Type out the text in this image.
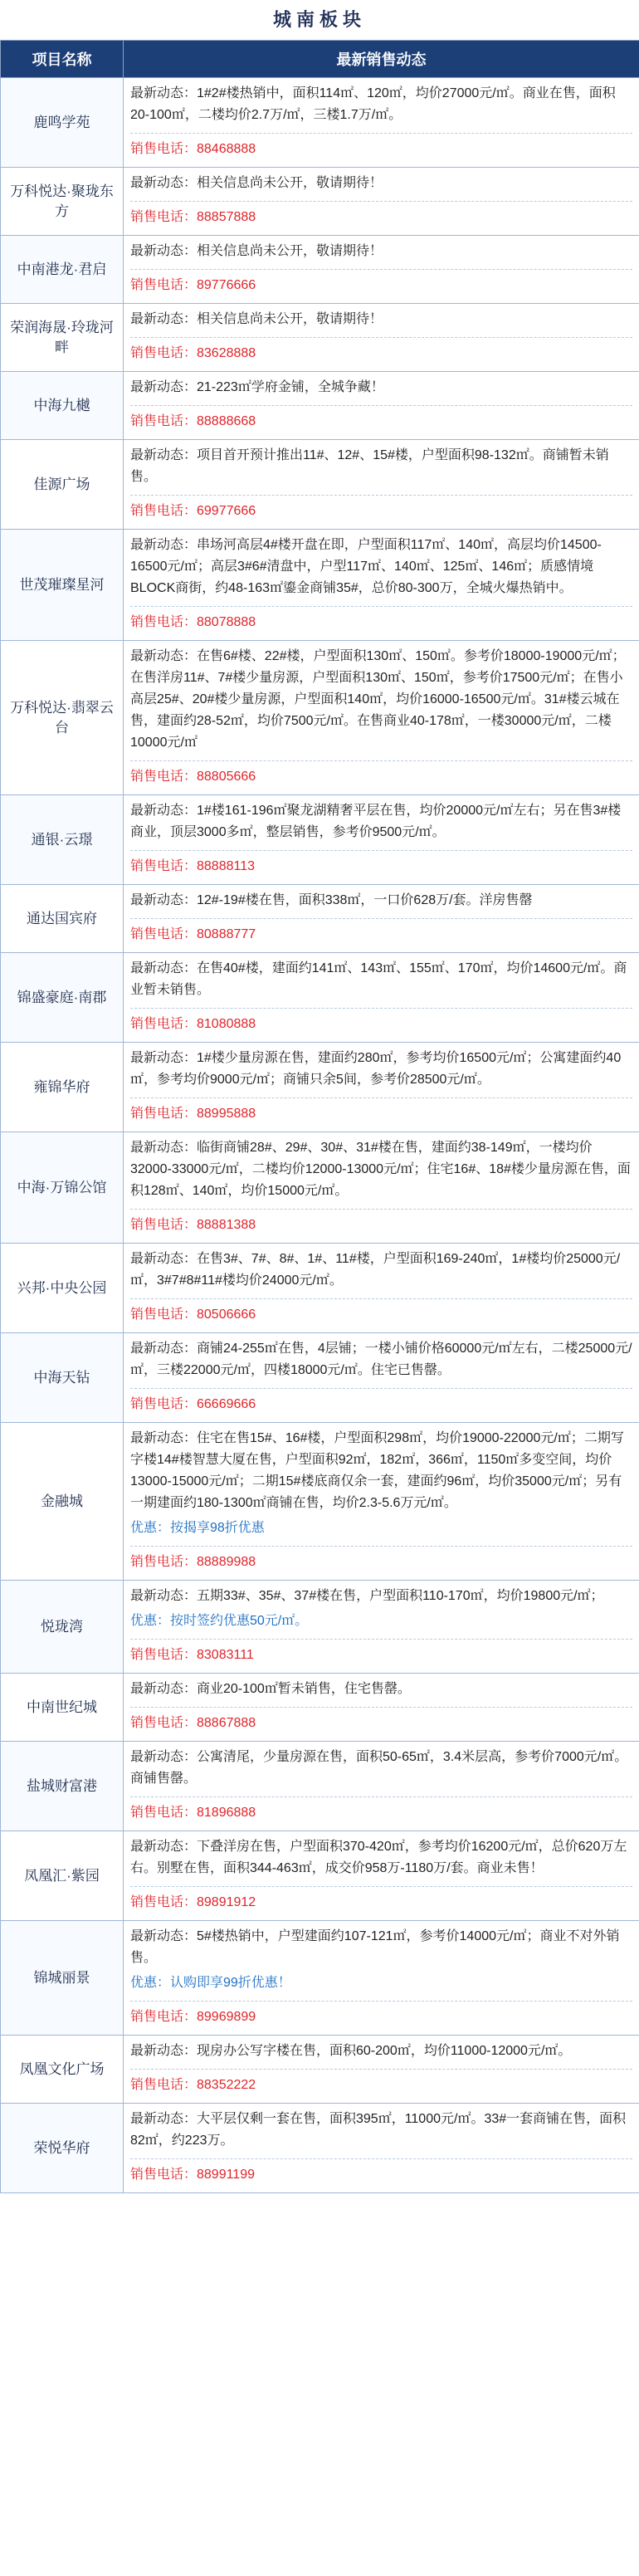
城南板块
项目名称	最新销售动态
鹿鸣学苑	最新动态：1#2#楼热销中，面积114㎡、120㎡，均价27000元/㎡。商业在售，面积20-100㎡，二楼均价2.7万/㎡，三楼1.7万/㎡。

销售电话：88468888

万科悦达·聚珑东方	最新动态：相关信息尚未公开，敬请期待！

销售电话：88857888

中南港龙·君启	最新动态：相关信息尚未公开，敬请期待！

销售电话：89776666

荣润海晟·玲珑河畔	最新动态：相关信息尚未公开，敬请期待！

销售电话：83628888

中海九樾	最新动态：21-223㎡学府金铺，全城争藏！

销售电话：88888668

佳源广场	最新动态：项目首开预计推出11#、12#、15#楼，户型面积98-132㎡。商铺暂未销售。

销售电话：69977666

世茂璀璨星河	最新动态：串场河高层4#楼开盘在即，户型面积117㎡、140㎡，高层均价14500-16500元/㎡；高层3#6#清盘中，户型117㎡、140㎡、125㎡、146㎡；质感情境BLOCK商街，约48-163㎡鎏金商铺35#，总价80-300万，全城火爆热销中。

销售电话：88078888

万科悦达·翡翠云台	最新动态：在售6#楼、22#楼，户型面积130㎡、150㎡。参考价18000-19000元/㎡；在售洋房11#、7#楼少量房源，户型面积130㎡、150㎡，参考价17500元/㎡；在售小高层25#、20#楼少量房源，户型面积140㎡，均价16000-16500元/㎡。31#楼云城在售，建面约28-52㎡，均价7500元/㎡。在售商业40-178㎡，一楼30000元/㎡，二楼10000元/㎡

销售电话：88805666

通银·云璟	最新动态：1#楼161-196㎡聚龙湖精奢平层在售，均价20000元/㎡左右；另在售3#楼商业，顶层3000多㎡，整层销售，参考价9500元/㎡。

销售电话：88888113

通达国宾府	最新动态：12#-19#楼在售，面积338㎡，一口价628万/套。洋房售罄

销售电话：80888777

锦盛豪庭·南郡	最新动态：在售40#楼，建面约141㎡、143㎡、155㎡、170㎡，均价14600元/㎡。商业暂未销售。

销售电话：81080888

雍锦华府	最新动态：1#楼少量房源在售，建面约280㎡，参考均价16500元/㎡；公寓建面约40㎡，参考均价9000元/㎡；商铺只余5间，参考价28500元/㎡。

销售电话：88995888

中海·万锦公馆	最新动态：临街商铺28#、29#、30#、31#楼在售，建面约38-149㎡，一楼均价32000-33000元/㎡，二楼均价12000-13000元/㎡；住宅16#、18#楼少量房源在售，面积128㎡、140㎡，均价15000元/㎡。

销售电话：88881388

兴邦·中央公园	最新动态：在售3#、7#、8#、1#、11#楼，户型面积169-240㎡，1#楼均价25000元/㎡，3#7#8#11#楼均价24000元/㎡。

销售电话：80506666

中海天钻	最新动态：商铺24-255㎡在售，4层铺；一楼小铺价格60000元/㎡左右，二楼25000元/㎡，三楼22000元/㎡，四楼18000元/㎡。住宅已售罄。

销售电话：66669666

金融城	最新动态：住宅在售15#、16#楼，户型面积298㎡，均价19000-22000元/㎡；二期写字楼14#楼智慧大厦在售，户型面积92㎡，182㎡，366㎡，1150㎡多变空间，均价13000-15000元/㎡；二期15#楼底商仅余一套，建面约96㎡，均价35000元/㎡；另有一期建面约180-1300㎡商铺在售，均价2.3-5.6万元/㎡。

优惠：按揭享98折优惠

销售电话：88889988

悦珑湾	最新动态：五期33#、35#、37#楼在售，户型面积110-170㎡，均价19800元/㎡；

优惠：按时签约优惠50元/㎡。

销售电话：83083111

中南世纪城	最新动态：商业20-100㎡暂未销售，住宅售罄。

销售电话：88867888

盐城财富港	最新动态：公寓清尾，少量房源在售，面积50-65㎡，3.4米层高，参考价7000元/㎡。商铺售罄。

销售电话：81896888

凤凰汇·紫园	最新动态：下叠洋房在售，户型面积370-420㎡，参考均价16200元/㎡，总价620万左右。别墅在售，面积344-463㎡，成交价958万-1180万/套。商业未售！

销售电话：89891912

锦城丽景	最新动态：5#楼热销中，户型建面约107-121㎡，参考价14000元/㎡；商业不对外销售。

优惠：认购即享99折优惠！

销售电话：89969899

凤凰文化广场	最新动态：现房办公写字楼在售，面积60-200㎡，均价11000-12000元/㎡。

销售电话：88352222

荣悦华府	最新动态：大平层仅剩一套在售，面积395㎡，11000元/㎡。33#一套商铺在售，面积82㎡，约223万。

销售电话：88991199
